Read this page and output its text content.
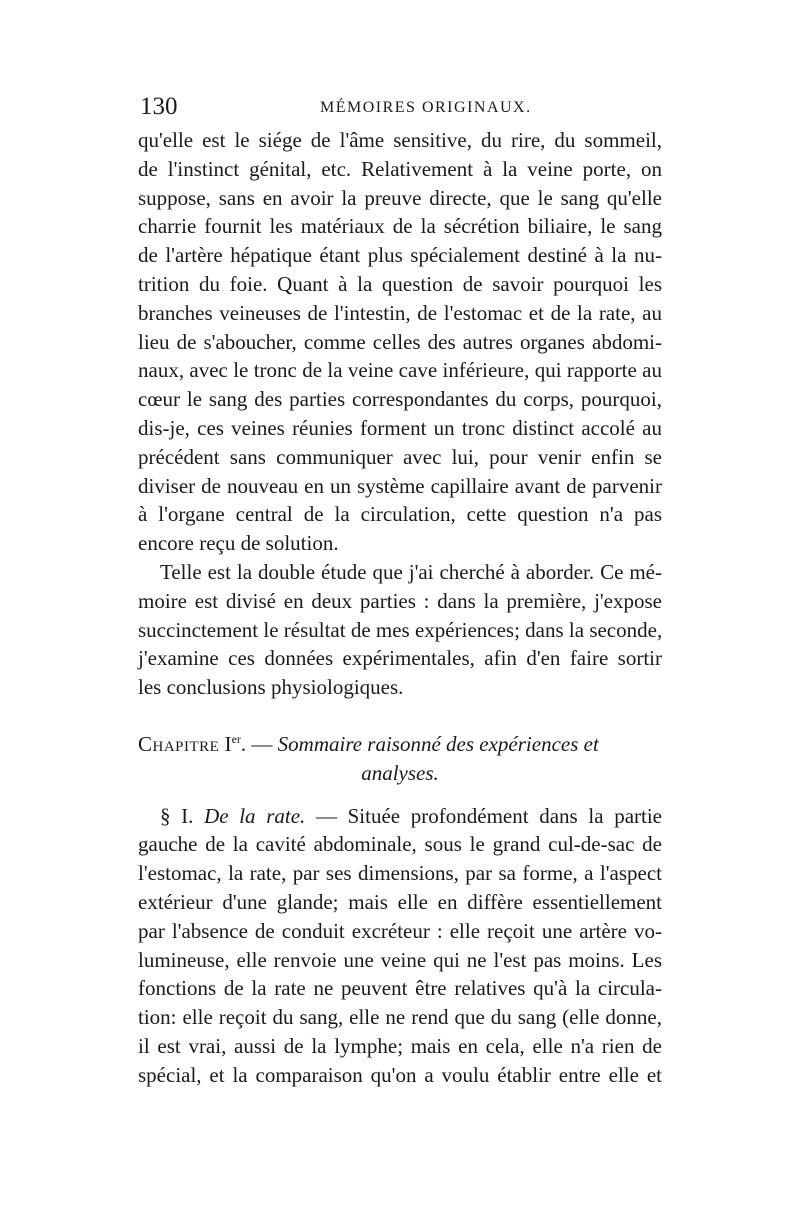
130	MÉMOIRES ORIGINAUX.
qu'elle est le siége de l'âme sensitive, du rire, du sommeil,
de l'instinct génital, etc. Relativement à la veine porte, on
suppose, sans en avoir la preuve directe, que le sang qu'elle
charrie fournit les matériaux de la sécrétion biliaire, le sang
de l'artère hépatique étant plus spécialement destiné à la nu-
trition du foie. Quant à la question de savoir pourquoi les
branches veineuses de l'intestin, de l'estomac et de la rate, au
lieu de s'aboucher, comme celles des autres organes abdomi-
naux, avec le tronc de la veine cave inférieure, qui rapporte au
cœur le sang des parties correspondantes du corps, pourquoi,
dis-je, ces veines réunies forment un tronc distinct accolé au
précédent sans communiquer avec lui, pour venir enfin se
diviser de nouveau en un système capillaire avant de parvenir
à l'organe central de la circulation, cette question n'a pas
encore reçu de solution.
Telle est la double étude que j'ai cherché à aborder. Ce mé-
moire est divisé en deux parties : dans la première, j'expose
succinctement le résultat de mes expériences; dans la seconde,
j'examine ces données expérimentales, afin d'en faire sortir
les conclusions physiologiques.
Chapitre Ier. — Sommaire raisonné des expériences et
analyses.
§ I. De la rate. — Située profondément dans la partie
gauche de la cavité abdominale, sous le grand cul-de-sac de
l'estomac, la rate, par ses dimensions, par sa forme, a l'aspect
extérieur d'une glande; mais elle en diffère essentiellement
par l'absence de conduit excréteur : elle reçoit une artère vo-
lumineuse, elle renvoie une veine qui ne l'est pas moins. Les
fonctions de la rate ne peuvent être relatives qu'à la circula-
tion: elle reçoit du sang, elle ne rend que du sang (elle donne,
il est vrai, aussi de la lymphe; mais en cela, elle n'a rien de
spécial, et la comparaison qu'on a voulu établir entre elle et
